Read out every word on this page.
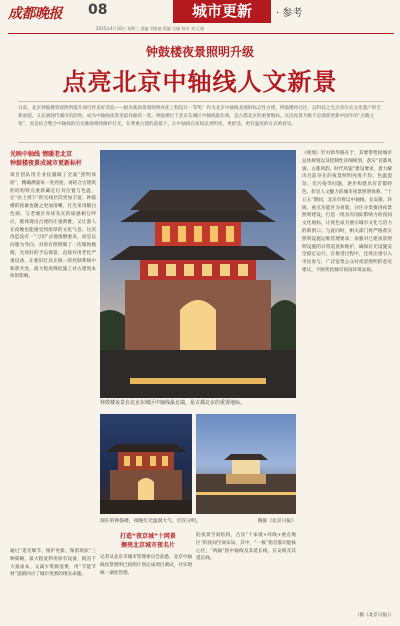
成都晚报 08	城市更新	· 参考
2025年4月16日 星期三 责编 刘家骏 版编 吴晓 校对 刘 乙康
钟鼓楼夜景照明升级
点亮北京中轴线人文新景
日前，北京钟鼓楼景观照明提升项目传来好消息——板央新款景观照明亮化工程设计一等奖！作为北京中轴线北端的标志性古建，钟鼓楼将过往，以科技之光点亮历史文化遗产的全新面貌，又充满现代城市的韵致，成为中轴线夜景里最亮眼的一笔。钟鼓楼位于北京东城区中轴线最北端，是古都北京的重要地标。这次夜景升级不是端掌更新中国年的“点睛之笔”，而是结合整合中轴线的历史脉络细致修护灯光，在尊重古建的前提下，让中轴线在夜间以更明亮、更舒适、更有温度的方式被看见。
光映中轴线 情暖老北京
钟鼓楼夜景成城市更新标杆
项目团队用专业仪器做了全面“照明体检”，精确测量每一处亮度，再结合古建筑的结构特点重新确定灯具位置与色温，让“由上到下”的光线层次更加丰富，钟鼓楼的轮廓也随之更加清晰。灯光采用暖白色调，与老城区青砖灰瓦的质感相互呼应，既体现出古建的庄重典雅，又让游人在夜晚也能感受到浓厚的文化气息。这次改造没有一“刀切”式地推倒重来，而是以问题为导向，对原有照明做了一次细致梳理，光效好的予以保留、直接弃用老化严重设备，让新旧灯具在统一的控制系统中和谐共处，最大程度降低施工对古建筑本体的影响。
通过“追光细节、推护更新、保留现状”三种策略，最大程度利用原有设备，既省下大量成本，又减少资源浪费，用“节能节材”思路回应了城市更新的现实命题。
钟鼓楼夜景在北京东城区中轴线最北端，是古都北京的重要地标。
现在的钟鼓楼，夜晚灯光温润大气，层次分明。	图据《北京日报》
打造“夜京城”十网景
擦亮北京城市夜名片
记者从北京市城市管理委员会获悉，北京中轴线夜景照明已按照计划完成项目调试，并实现统一调度管理。
的夜景空间结构，凸显“十家坡+环线+重点地区”的夜间空间布局。其中，“一核”指首都功能核心区，“两轴”指中轴线及其延长线、长安街及其延长线。
《规划》针对新华路在于，其要带给接城市总体规划以及控制性详细规划，落实“首都风貌、古都风韵、时代风貌”建设要求，着力解决目前存在的夜景照明亮度不均、色温混杂、光污染等问题，逐步构建具有首都特色、彰显人文魅力的城市夜景照明体系。“十五五”期间，北京市将以中轴线、长安街、环线、重点功能区为骨架，分区分类推进夜景照明建设，打造一批具有国际影响力的夜间文化地标，让夜色成为展示城市文化与活力的新窗口。与此同时，相关部门将严格落实照明设施运维管理要求，加强对已建夜景照明设施的日常巡查和维护，确保灯光设施安全稳定运行。在推进过程中，还将注重引入市民参与，广泛征集公众对夜景照明的意见建议，不断优化城市夜间环境品质。
（据《北京日报》）
